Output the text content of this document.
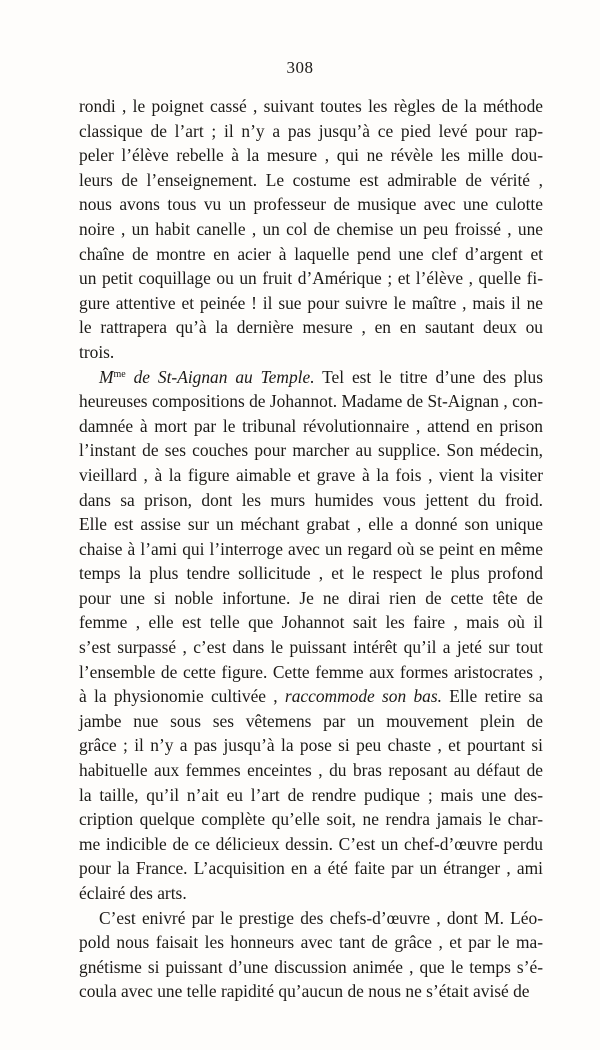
308
rondi , le poignet cassé , suivant toutes les règles de la méthode
classique de l’art ; il n’y a pas jusqu’à ce pied levé pour rap-
peler l’élève rebelle à la mesure , qui ne révèle les mille dou-
leurs de l’enseignement. Le costume est admirable de vérité ,
nous avons tous vu un professeur de musique avec une culotte
noire , un habit canelle , un col de chemise un peu froissé , une
chaîne de montre en acier à laquelle pend une clef d’argent et
un petit coquillage ou un fruit d’Amérique ; et l’élève , quelle fi-
gure attentive et peinée ! il sue pour suivre le maître , mais il ne
le rattrapera qu’à la dernière mesure , en en sautant deux ou
trois.
$M^{me}$ de St-Aignan au Temple. Tel est le titre d’une des plus
heureuses compositions de Johannot. Madame de St-Aignan , con-
damnée à mort par le tribunal révolutionnaire , attend en prison
l’instant de ses couches pour marcher au supplice. Son médecin,
vieillard , à la figure aimable et grave à la fois , vient la visiter
dans sa prison, dont les murs humides vous jettent du froid.
Elle est assise sur un méchant grabat , elle a donné son unique
chaise à l’ami qui l’interroge avec un regard où se peint en même
temps la plus tendre sollicitude , et le respect le plus profond
pour une si noble infortune. Je ne dirai rien de cette tête de
femme , elle est telle que Johannot sait les faire , mais où il
s’est surpassé , c’est dans le puissant intérêt qu’il a jeté sur tout
l’ensemble de cette figure. Cette femme aux formes aristocrates ,
à la physionomie cultivée , raccommode son bas. Elle retire sa
jambe nue sous ses vêtemens par un mouvement plein de
grâce ; il n’y a pas jusqu’à la pose si peu chaste , et pourtant si
habituelle aux femmes enceintes , du bras reposant au défaut de
la taille, qu’il n’ait eu l’art de rendre pudique ; mais une des-
cription quelque complète qu’elle soit, ne rendra jamais le char-
me indicible de ce délicieux dessin. C’est un chef-d’œuvre perdu
pour la France. L’acquisition en a été faite par un étranger , ami
éclairé des arts.
C’est enivré par le prestige des chefs-d’œuvre , dont M. Léo-
pold nous faisait les honneurs avec tant de grâce , et par le ma-
gnétisme si puissant d’une discussion animée , que le temps s’é-
coula avec une telle rapidité qu’aucun de nous ne s’était avisé de
